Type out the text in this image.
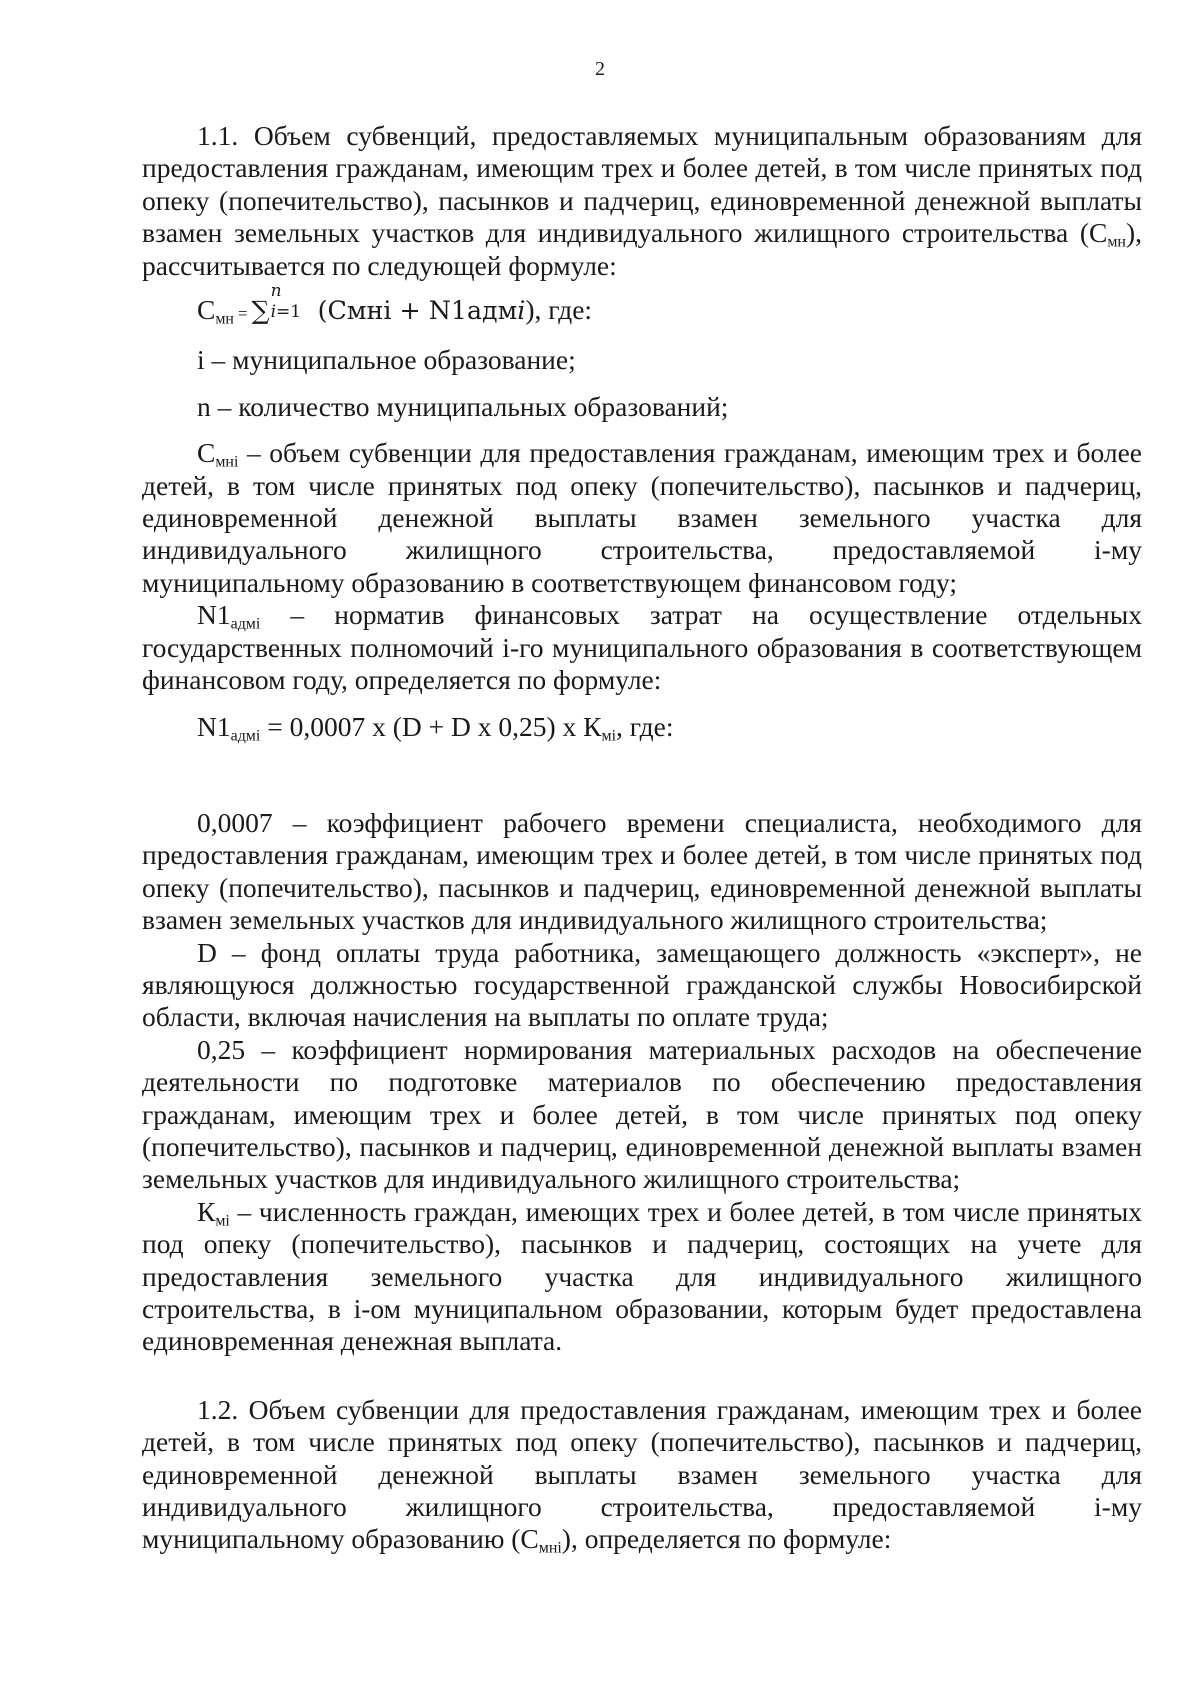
2

1.1. Объем субвенций, предоставляемых муниципальным образованиям для предоставления гражданам, имеющим трех и более детей, в том числе принятых под опеку (попечительство), пасынков и падчериц, единовременной денежной выплаты взамен земельных участков для индивидуального жилищного строительства $(С_{мн})$, рассчитывается по следующей формуле:

$С_{мн}$ = ∑
n
i=1 (Смнi + N1адмi), где:

i – муниципальное образование;

n – количество муниципальных образований;

$С_{мнi}$ – объем субвенции для предоставления гражданам, имеющим трех и более детей, в том числе принятых под опеку (попечительство), пасынков и падчериц, единовременной денежной выплаты взамен земельного участка для индивидуального жилищного строительства, предоставляемой i-му муниципальному образованию в соответствующем финансовом году;

$N1_{адмi}$ – норматив финансовых затрат на осуществление отдельных государственных полномочий i-го муниципального образования в соответствующем финансовом году, определяется по формуле:

$N1_{адмi} = 0,0007$ х (D + D х 0,25) х $К_{мi}$, где:

0,0007 – коэффициент рабочего времени специалиста, необходимого для предоставления гражданам, имеющим трех и более детей, в том числе принятых под опеку (попечительство), пасынков и падчериц, единовременной денежной выплаты взамен земельных участков для индивидуального жилищного строительства;

D – фонд оплаты труда работника, замещающего должность «эксперт», не являющуюся должностью государственной гражданской службы Новосибирской области, включая начисления на выплаты по оплате труда;

0,25 – коэффициент нормирования материальных расходов на обеспечение деятельности по подготовке материалов по обеспечению предоставления гражданам, имеющим трех и более детей, в том числе принятых под опеку (попечительство), пасынков и падчериц, единовременной денежной выплаты взамен земельных участков для индивидуального жилищного строительства;

$К_{мi}$ – численность граждан, имеющих трех и более детей, в том числе принятых под опеку (попечительство), пасынков и падчериц, состоящих на учете для предоставления земельного участка для индивидуального жилищного строительства, в i-ом муниципальном образовании, которым будет предоставлена единовременная денежная выплата.

1.2. Объем субвенции для предоставления гражданам, имеющим трех и более детей, в том числе принятых под опеку (попечительство), пасынков и падчериц, единовременной денежной выплаты взамен земельного участка для индивидуального жилищного строительства, предоставляемой i-му муниципальному образованию $(С_{мнi})$, определяется по формуле:
